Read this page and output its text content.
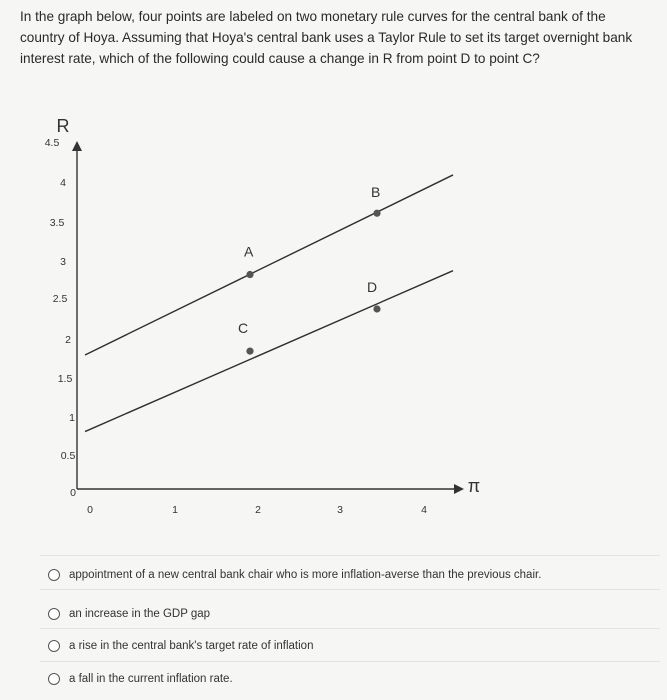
In the graph below, four points are labeled on two monetary rule curves for the central bank of the country of Hoya. Assuming that Hoya's central bank uses a Taylor Rule to set its target overnight bank interest rate, which of the following could cause a change in R from point D to point C?
R
π
0
0.5
1
1.5
2
2.5
3
3.5
4
4.5
0	1	2	3	4
A
B
C
D
appointment of a new central bank chair who is more inflation-averse than the previous chair.
an increase in the GDP gap
a rise in the central bank's target rate of inflation
a fall in the current inflation rate.
